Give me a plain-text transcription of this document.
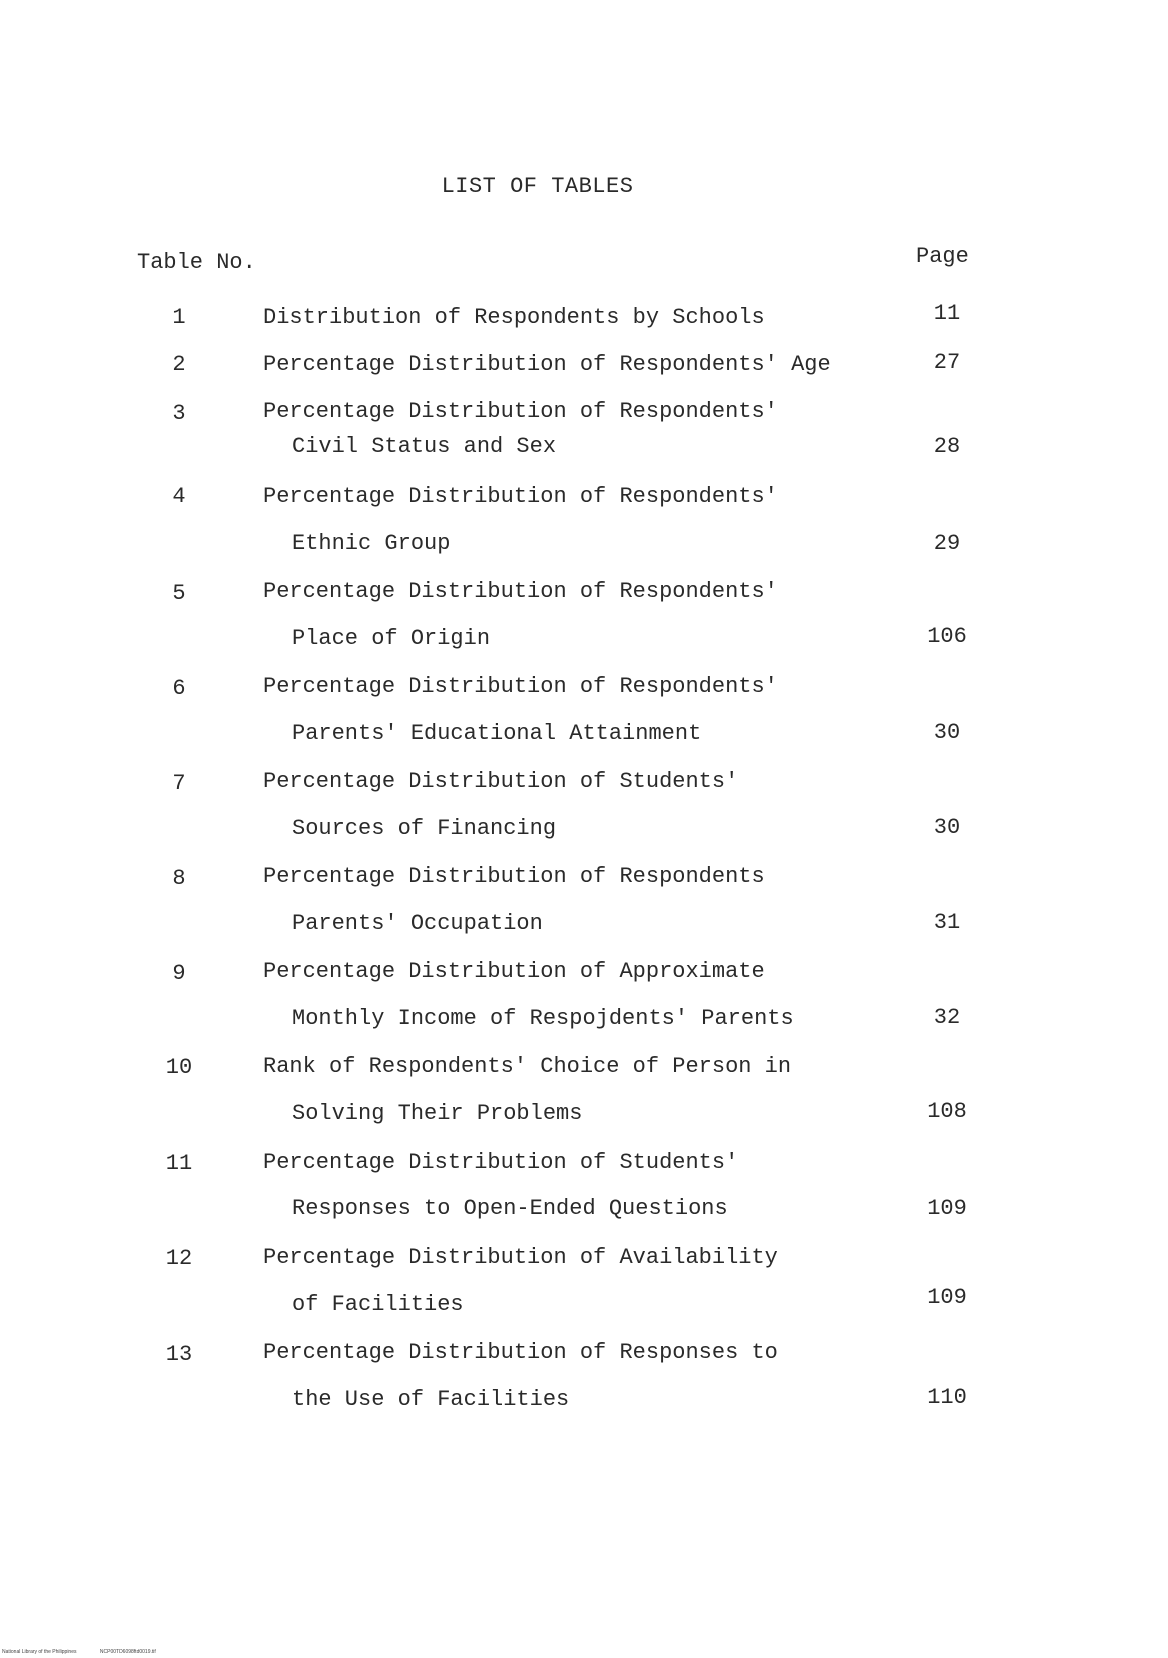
LIST OF TABLES
Table No.	Page
1	Distribution of Respondents by Schools	11
2	Percentage Distribution of Respondents' Age	27
3	Percentage Distribution of Respondents'
Civil Status and Sex	28
4	Percentage Distribution of Respondents'
Ethnic Group	29
5	Percentage Distribution of Respondents'
Place of Origin	106
6	Percentage Distribution of Respondents'
Parents' Educational Attainment	30
7	Percentage Distribution of Students'
Sources of Financing	30
8	Percentage Distribution of Respondents
Parents' Occupation	31
9	Percentage Distribution of Approximate
Monthly Income of Respojdents' Parents	32
10	Rank of Respondents' Choice of Person in
Solving Their Problems	108
11	Percentage Distribution of Students'
Responses to Open-Ended Questions	109
12	Percentage Distribution of Availability
of Facilities	109
13	Percentage Distribution of Responses to
the Use of Facilities	110
National Library of the Philippines	NCP00TD6098ftd0019.tif
